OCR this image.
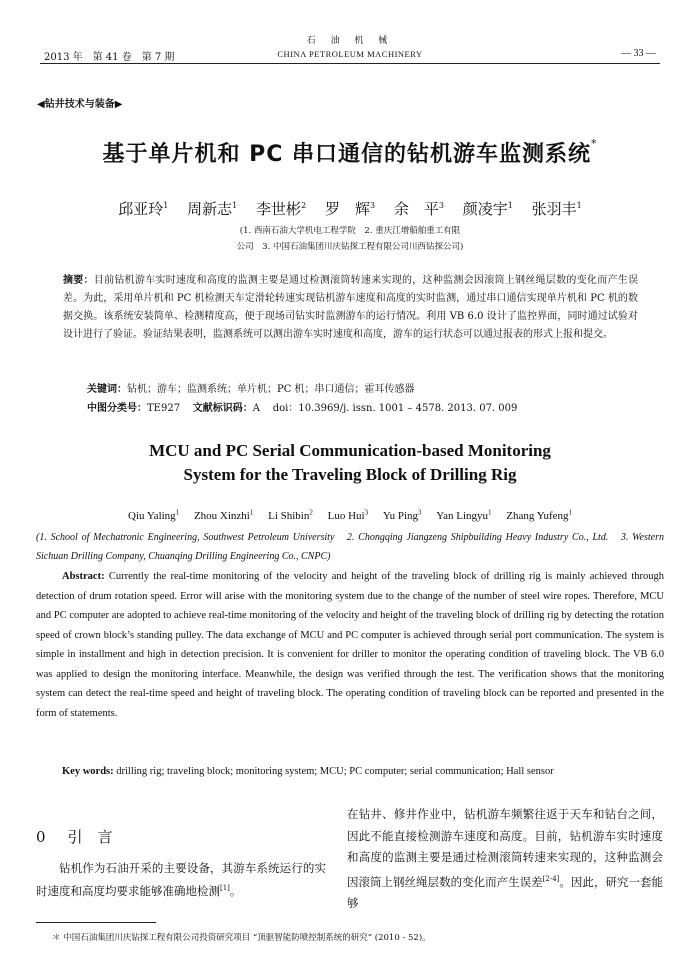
石 油 机 械
2013 年　第 41 卷　第 7 期	CHINA PETROLEUM MACHINERY	— 33 —
◀钻井技术与装备▶
基于单片机和 PC 串口通信的钻机游车监测系统*
邱亚玲$^1$ 周新志$^1$ 李世彬$^2$ 罗　辉$^3$ 余　平$^3$ 颜凌宇$^1$ 张羽丰$^1$
(1. 西南石油大学机电工程学院　2. 重庆江增船舶重工有限
公司　3. 中国石油集团川庆钻探工程有限公司川西钻探公司)
摘要：目前钻机游车实时速度和高度的监测主要是通过检测滚筒转速来实现的，这种监测会因滚筒上钢丝绳层数的变化而产生误差。为此，采用单片机和 PC 机检测天车定滑轮转速实现钻机游车速度和高度的实时监测，通过串口通信实现单片机和 PC 机的数据交换。该系统安装简单、检测精度高，便于现场司钻实时监测游车的运行情况。利用 VB 6.0 设计了监控界面，同时通过试验对设计进行了验证。验证结果表明，监测系统可以测出游车实时速度和高度，游车的运行状态可以通过报表的形式上报和提交。
关键词：钻机；游车；监测系统；单片机；PC 机；串口通信；霍耳传感器
中图分类号：TE927 文献标识码：A doi：10.3969/j. issn. 1001 – 4578. 2013. 07. 009
MCU and PC Serial Communication-based Monitoring
System for the Traveling Block of Drilling Rig
Qiu Yaling$^1$ Zhou Xinzhi$^1$ Li Shibin$^2$ Luo Hui$^3$ Yu Ping$^3$ Yan Lingyu$^1$ Zhang Yufeng$^1$
(1. School of Mechatronic Engineering, Southwest Petroleum University　2. Chongqing Jiangzeng Shipbuilding Heavy Industry Co., Ltd.　3. Western Sichuan Drilling Company, Chuanqing Drilling Engineering Co., CNPC)
Abstract: Currently the real-time monitoring of the velocity and height of the traveling block of drilling rig is mainly achieved through detection of drum rotation speed. Error will arise with the monitoring system due to the change of the number of steel wire ropes. Therefore, MCU and PC computer are adopted to achieve real-time monitoring of the velocity and height of the traveling block of drilling rig by detecting the rotation speed of crown block’s standing pulley. The data exchange of MCU and PC computer is achieved through serial port communication. The system is simple in installment and high in detection precision. It is convenient for driller to monitor the operating condition of traveling block. The VB 6.0 was applied to design the monitoring interface. Meanwhile, the design was verified through the test. The verification shows that the monitoring system can detect the real-time speed and height of traveling block. The operating condition of traveling block can be reported and presented in the form of statements.
Key words: drilling rig; traveling block; monitoring system; MCU; PC computer; serial communication; Hall sensor
0 引　言
钻机作为石油开采的主要设备，其游车系统运行的实时速度和高度均要求能够准确地检测[1]。
在钻井、修井作业中，钻机游车频繁往返于天车和钻台之间，因此不能直接检测游车速度和高度。目前，钻机游车实时速度和高度的监测主要是通过检测滚筒转速来实现的，这种监测会因滚筒上钢丝绳层数的变化而产生误差[2-4]。因此，研究一套能够
＊ 中国石油集团川庆钻探工程有限公司投资研究项目 “顶驱智能防喷控制系统的研究” (2010 - 52)。
